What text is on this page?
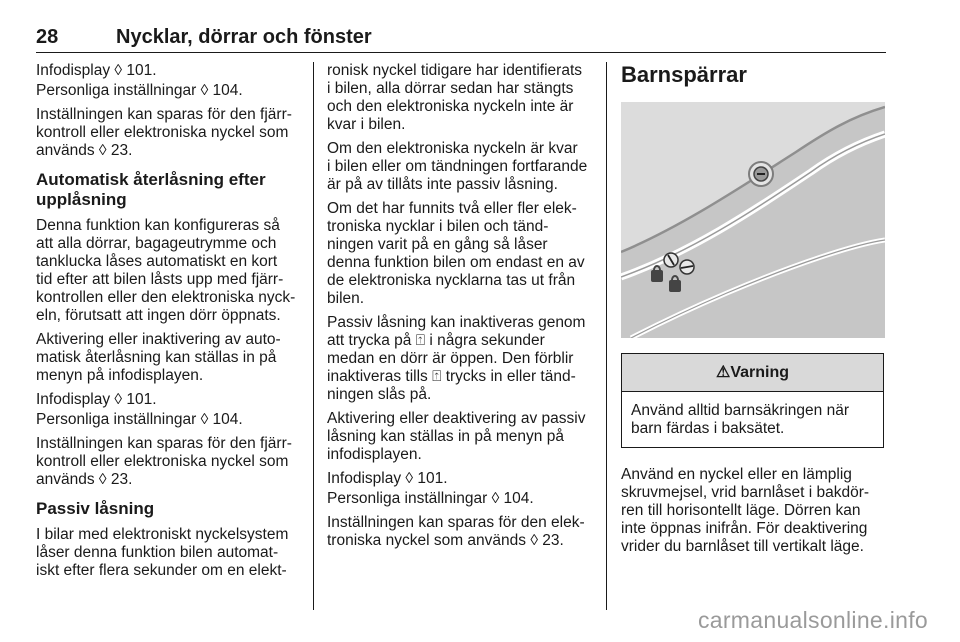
28	Nycklar, dörrar och fönster

Infodisplay ◊ 101.

Personliga inställningar ◊ 104.

Inställningen kan sparas för den fjärr-
kontroll eller elektroniska nyckel som
används ◊ 23.

Automatisk återlåsning efter
upplåsning

Denna funktion kan konfigureras så
att alla dörrar, bagageutrymme och
tanklucka låses automatiskt en kort
tid efter att bilen låsts upp med fjärr-
kontrollen eller den elektroniska nyck-
eln, förutsatt att ingen dörr öppnats.

Aktivering eller inaktivering av auto-
matisk återlåsning kan ställas in på
menyn på infodisplayen.

Infodisplay ◊ 101.

Personliga inställningar ◊ 104.

Inställningen kan sparas för den fjärr-
kontroll eller elektroniska nyckel som
används ◊ 23.

Passiv låsning

I bilar med elektroniskt nyckelsystem
låser denna funktion bilen automat-
iskt efter flera sekunder om en elekt-

ronisk nyckel tidigare har identifierats
i bilen, alla dörrar sedan har stängts
och den elektroniska nyckeln inte är
kvar i bilen.

Om den elektroniska nyckeln är kvar
i bilen eller om tändningen fortfarande
är på av tillåts inte passiv låsning.

Om det har funnits två eller fler elek-
troniska nycklar i bilen och tänd-
ningen varit på en gång så låser
denna funktion bilen om endast en av
de elektroniska nycklarna tas ut från
bilen.

Passiv låsning kan inaktiveras genom
att trycka på ⍐ i några sekunder
medan en dörr är öppen. Den förblir
inaktiveras tills ⍐ trycks in eller tänd-
ningen slås på.

Aktivering eller deaktivering av passiv
låsning kan ställas in på menyn på
infodisplayen.

Infodisplay ◊ 101.

Personliga inställningar ◊ 104.

Inställningen kan sparas för den elek-
troniska nyckel som används ◊ 23.

Barnspärrar
⚠Varning
Använd alltid barnsäkringen när
barn färdas i baksätet.

Använd en nyckel eller en lämplig
skruvmejsel, vrid barnlåset i bakdör-
ren till horisontellt läge. Dörren kan
inte öppnas inifrån. För deaktivering
vrider du barnlåset till vertikalt läge.

carmanualsonline.info
